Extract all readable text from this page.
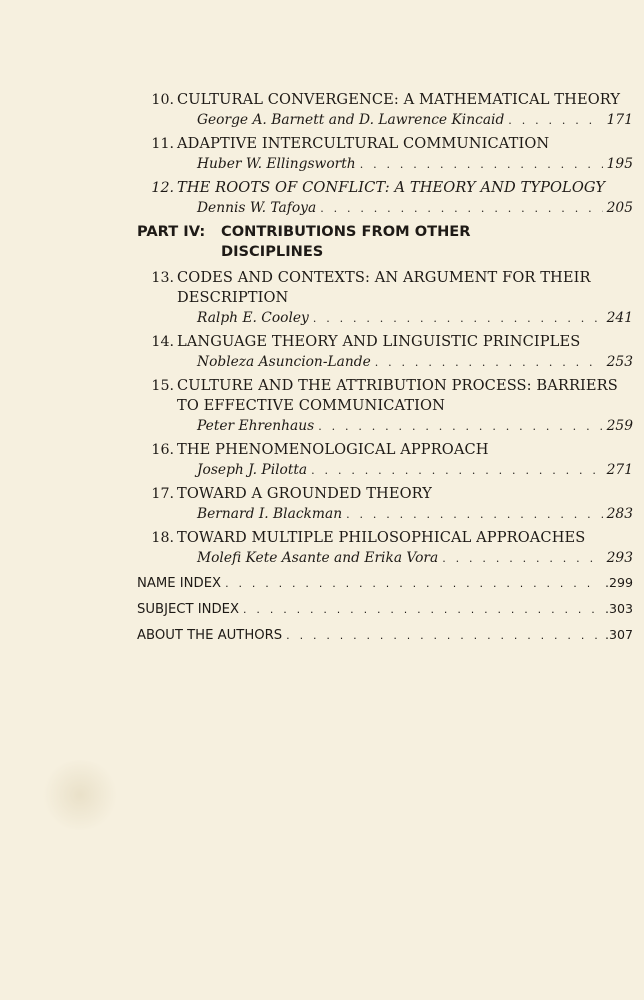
10. CULTURAL CONVERGENCE: A MATHEMATICAL THEORY
George A. Barnett and D. Lawrence Kincaid . . .	171
11. ADAPTIVE INTERCULTURAL COMMUNICATION
Huber W. Ellingsworth . . .	195
12. THE ROOTS OF CONFLICT: A THEORY AND TYPOLOGY
Dennis W. Tafoya . . .	205
PART IV: CONTRIBUTIONS FROM OTHER
DISCIPLINES
13. CODES AND CONTEXTS: AN ARGUMENT FOR THEIR DESCRIPTION
Ralph E. Cooley . . .	241
14. LANGUAGE THEORY AND LINGUISTIC PRINCIPLES
Nobleza Asuncion-Lande . . .	253
15. CULTURE AND THE ATTRIBUTION PROCESS: BARRIERS TO EFFECTIVE COMMUNICATION
Peter Ehrenhaus . . .	259
16. THE PHENOMENOLOGICAL APPROACH
Joseph J. Pilotta . . .	271
17. TOWARD A GROUNDED THEORY
Bernard I. Blackman . . .	283
18. TOWARD MULTIPLE PHILOSOPHICAL APPROACHES
Molefi Kete Asante and Erika Vora . . .	293
NAME INDEX . . .	.299
SUBJECT INDEX . . .	.303
ABOUT THE AUTHORS . . .	.307
